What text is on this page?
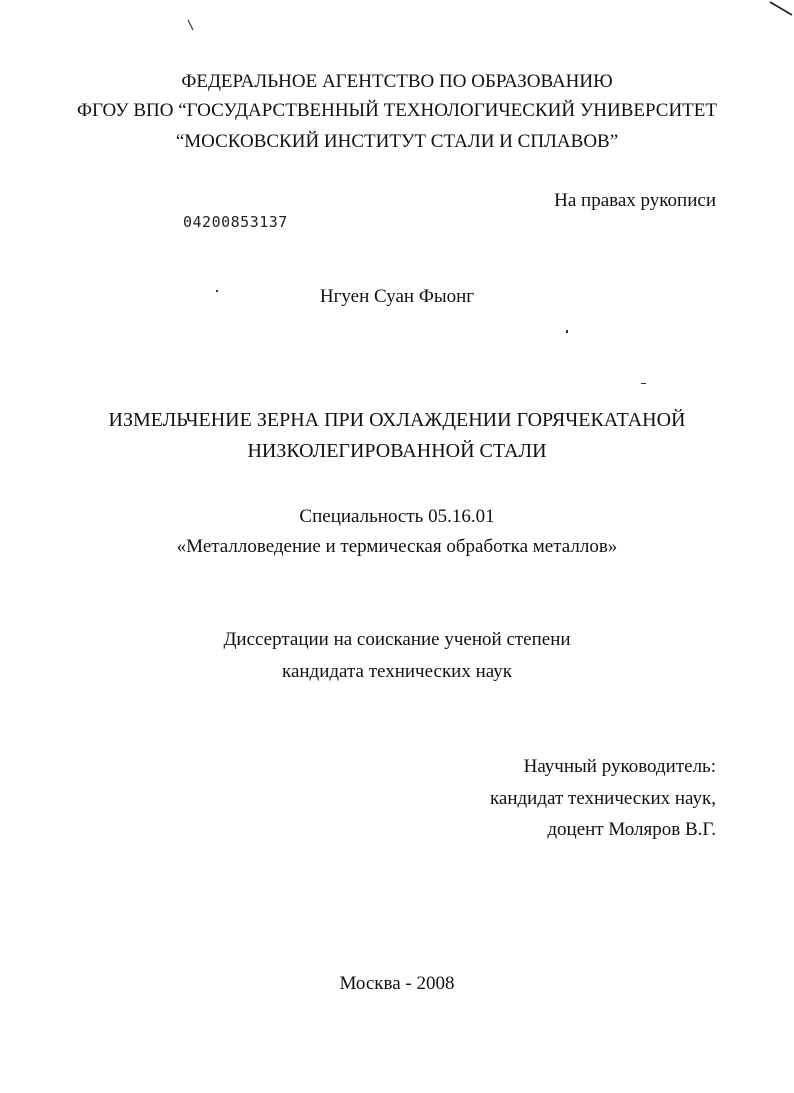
ФЕДЕРАЛЬНОЕ АГЕНТСТВО ПО ОБРАЗОВАНИЮ
ФГОУ ВПО “ГОСУДАРСТВЕННЫЙ ТЕХНОЛОГИЧЕСКИЙ УНИВЕРСИТЕТ
“МОСКОВСКИЙ ИНСТИТУТ СТАЛИ И СПЛАВОВ”
На правах рукописи
04200853137
Нгуен Суан Фыонг
ИЗМЕЛЬЧЕНИЕ ЗЕРНА ПРИ ОХЛАЖДЕНИИ ГОРЯЧЕКАТАНОЙ
НИЗКОЛЕГИРОВАННОЙ СТАЛИ
Специальность 05.16.01
«Металловедение и термическая обработка металлов»
Диссертации на соискание ученой степени
кандидата технических наук
Научный руководитель:
кандидат технических наук,
доцент Моляров В.Г.
Москва - 2008
